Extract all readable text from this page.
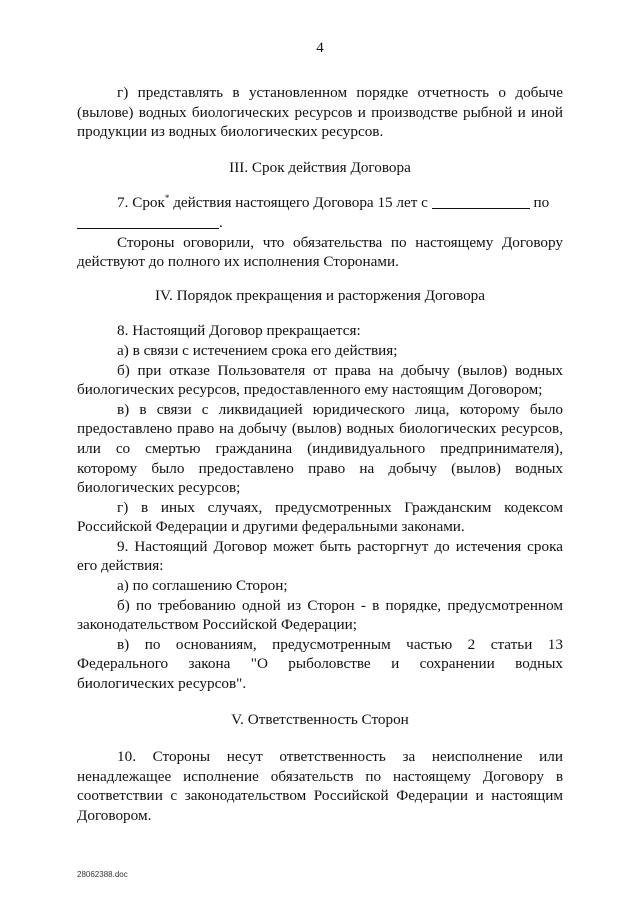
4

г) представлять в установленном порядке отчетность о добыче (вылове) водных биологических ресурсов и производстве рыбной и иной продукции из водных биологических ресурсов.

III. Срок действия Договора

7. Срок* действия настоящего Договора 15 лет с	по

.

Стороны оговорили, что обязательства по настоящему Договору действуют до полного их исполнения Сторонами.

IV. Порядок прекращения и расторжения Договора

8. Настоящий Договор прекращается:

а) в связи с истечением срока его действия;

б) при отказе Пользователя от права на добычу (вылов) водных биологических ресурсов, предоставленного ему настоящим Договором;

в) в связи с ликвидацией юридического лица, которому было предоставлено право на добычу (вылов) водных биологических ресурсов, или со смертью гражданина (индивидуального предпринимателя), которому было предоставлено право на добычу (вылов) водных биологических ресурсов;

г) в иных случаях, предусмотренных Гражданским кодексом Российской Федерации и другими федеральными законами.

9. Настоящий Договор может быть расторгнут до истечения срока его действия:

а) по соглашению Сторон;

б) по требованию одной из Сторон - в порядке, предусмотренном законодательством Российской Федерации;

в) по основаниям, предусмотренным частью 2 статьи 13 Федерального закона "О рыболовстве и сохранении водных биологических ресурсов".

V. Ответственность Сторон

10. Стороны несут ответственность за неисполнение или ненадлежащее исполнение обязательств по настоящему Договору в соответствии с законодательством Российской Федерации и настоящим Договором.

28062388.doc
